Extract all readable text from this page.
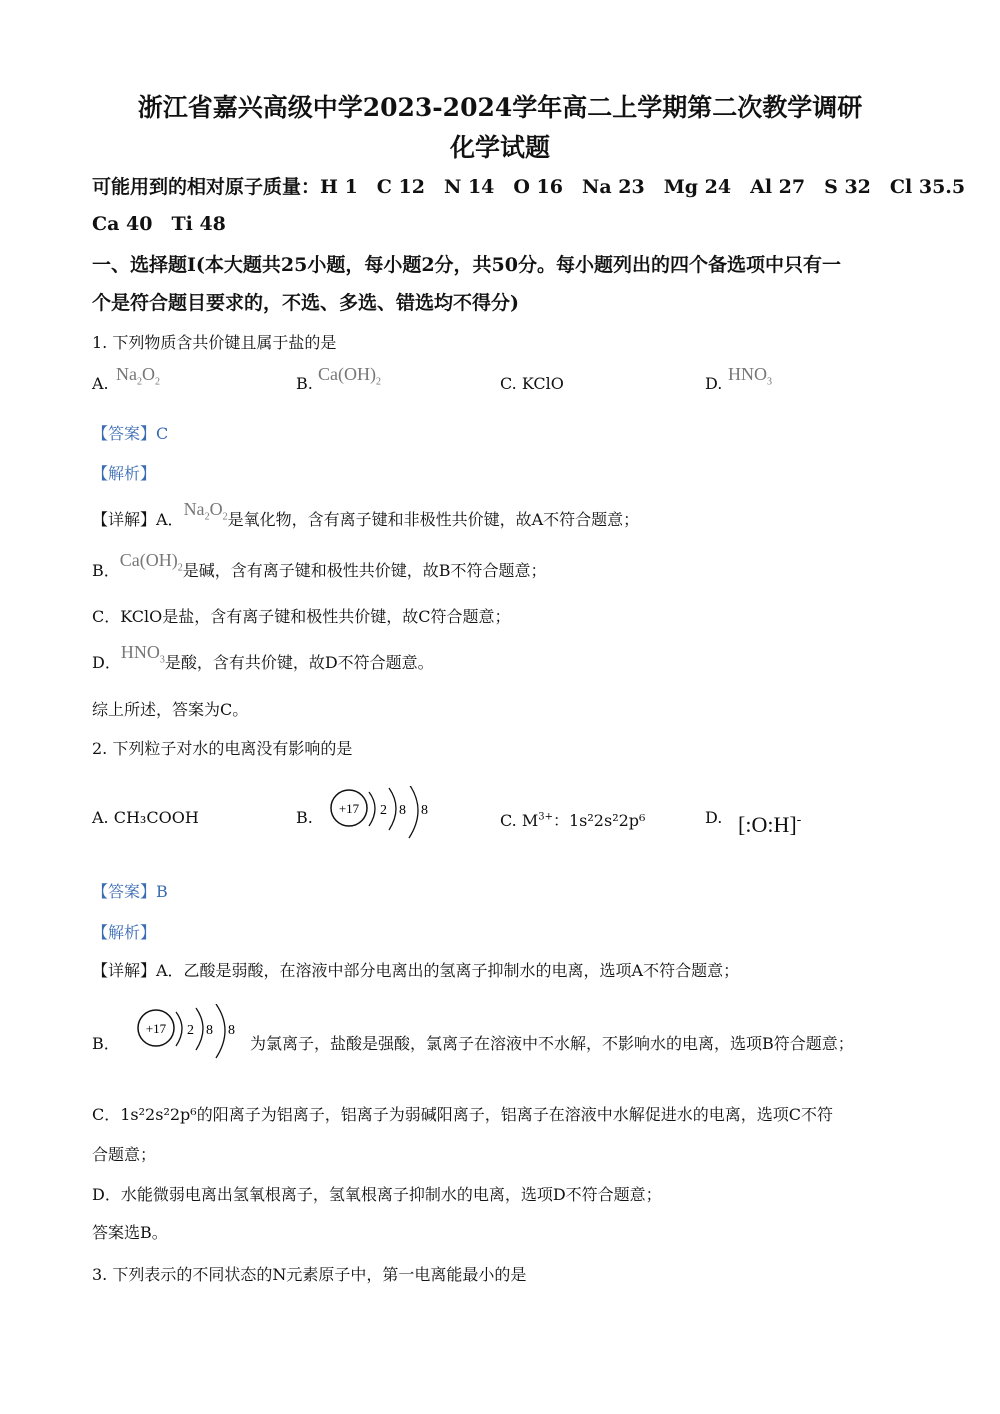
浙江省嘉兴高级中学2023-2024学年高二上学期第二次教学调研
化学试题
可能用到的相对原子质量：H 1　C 12　N 14　O 16　Na 23　Mg 24　Al 27　S 32　Cl 35.5
Ca 40　Ti 48
一、选择题Ⅰ(本大题共25小题，每小题2分，共50分。每小题列出的四个备选项中只有一
个是符合题目要求的，不选、多选、错选均不得分)
1. 下列物质含共价键且属于盐的是
A. $Na_2O_2$	B. $Ca(OH)_2$	C. KClO	D. $HNO_3$
【答案】C
【解析】
【详解】A．$Na_2O_2$是氧化物，含有离子键和非极性共价键，故A不符合题意；
B．$Ca(OH)_2$是碱，含有离子键和极性共价键，故B不符合题意；
C．KClO是盐，含有离子键和极性共价键，故C符合题意；
D．$HNO_3$是酸，含有共价键，故D不符合题意。
综上所述，答案为C。
2. 下列粒子对水的电离没有影响的是
A. CH₃COOH	B. +17 2 8 8
C. $M^{3+}$：1s²2s²2p⁶	D. [:O:H]-
【答案】B
【解析】
【详解】A．乙酸是弱酸，在溶液中部分电离出的氢离子抑制水的电离，选项A不符合题意；
B．
+17 2 8 8
为氯离子，盐酸是强酸，氯离子在溶液中不水解，不影响水的电离，选项B符合题意；
C．1s²2s²2p⁶的阳离子为铝离子，铝离子为弱碱阳离子，铝离子在溶液中水解促进水的电离，选项C不符
合题意；
D．水能微弱电离出氢氧根离子，氢氧根离子抑制水的电离，选项D不符合题意；
答案选B。
3. 下列表示的不同状态的N元素原子中，第一电离能最小的是
